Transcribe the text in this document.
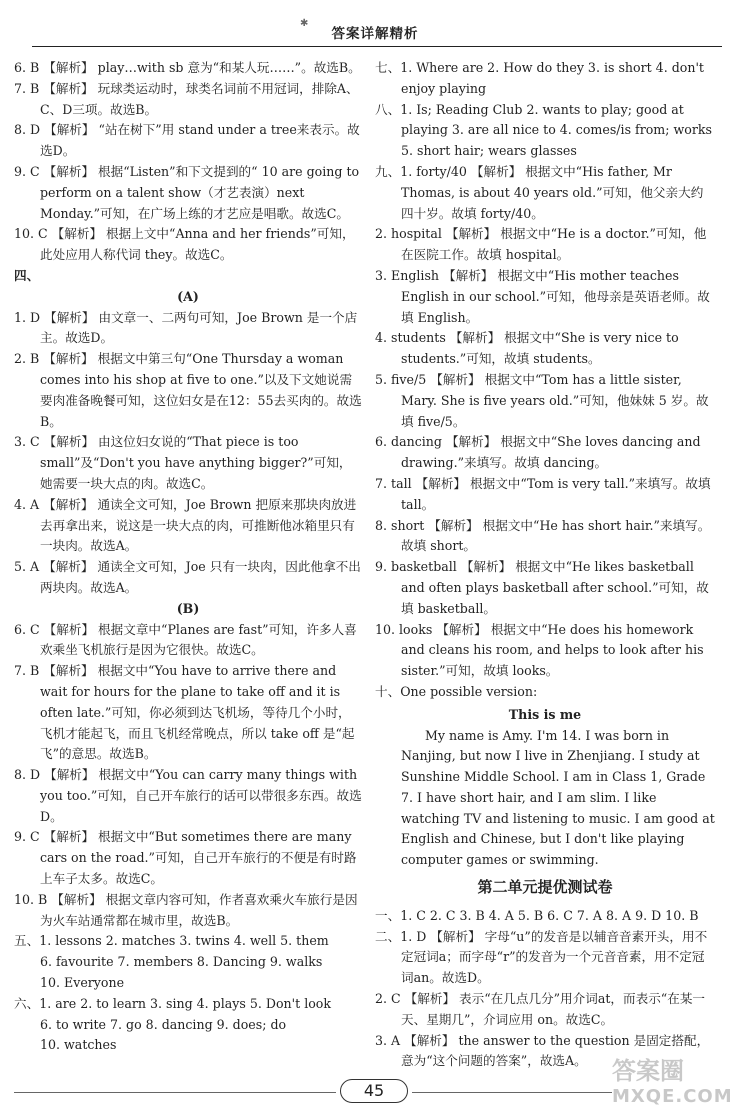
✱
答案详解精析
6. B 【解析】 play…with sb 意为“和某人玩……”。故选B。
7. B 【解析】 玩球类运动时，球类名词前不用冠词，排除A、C、D三项。故选B。
8. D 【解析】 “站在树下”用 stand under a tree来表示。故选D。
9. C 【解析】 根据“Listen”和下文提到的“ 10 are going to perform on a talent show（才艺表演）next Monday.”可知，在广场上练的才艺应是唱歌。故选C。
10. C 【解析】 根据上文中“Anna and her friends”可知，此处应用人称代词 they。故选C。
四、
(A)
1. D 【解析】 由文章一、二两句可知，Joe Brown 是一个店主。故选D。
2. B 【解析】 根据文中第三句“One Thursday a woman comes into his shop at five to one.”以及下文她说需要肉准备晚餐可知，这位妇女是在12：55去买肉的。故选B。
3. C 【解析】 由这位妇女说的“That piece is too small”及“Don't you have anything bigger?”可知，她需要一块大点的肉。故选C。
4. A 【解析】 通读全文可知，Joe Brown 把原来那块肉放进去再拿出来，说这是一块大点的肉，可推断他冰箱里只有一块肉。故选A。
5. A 【解析】 通读全文可知，Joe 只有一块肉，因此他拿不出两块肉。故选A。
(B)
6. C 【解析】 根据文章中“Planes are fast”可知，许多人喜欢乘坐飞机旅行是因为它很快。故选C。
7. B 【解析】 根据文中“You have to arrive there and wait for hours for the plane to take off and it is often late.”可知，你必须到达飞机场，等待几个小时，飞机才能起飞，而且飞机经常晚点，所以 take off 是“起飞”的意思。故选B。
8. D 【解析】 根据文中“You can carry many things with you too.”可知，自己开车旅行的话可以带很多东西。故选D。
9. C 【解析】 根据文中“But sometimes there are many cars on the road.”可知，自己开车旅行的不便是有时路上车子太多。故选C。
10. B 【解析】 根据文章内容可知，作者喜欢乘火车旅行是因为火车站通常都在城市里，故选B。
五、1. lessons 2. matches 3. twins 4. well 5. them
6. favourite 7. members 8. Dancing 9. walks
10. Everyone
六、1. are 2. to learn 3. sing 4. plays 5. Don't look
6. to write 7. go 8. dancing 9. does; do
10. watches
七、1. Where are 2. How do they 3. is short 4. don't enjoy playing
八、1. Is; Reading Club 2. wants to play; good at playing 3. are all nice to 4. comes/is from; works 5. short hair; wears glasses
九、1. forty/40 【解析】 根据文中“His father, Mr Thomas, is about 40 years old.”可知，他父亲大约四十岁。故填 forty/40。
2. hospital 【解析】 根据文中“He is a doctor.”可知，他在医院工作。故填 hospital。
3. English 【解析】 根据文中“His mother teaches English in our school.”可知，他母亲是英语老师。故填 English。
4. students 【解析】 根据文中“She is very nice to students.”可知，故填 students。
5. five/5 【解析】 根据文中“Tom has a little sister, Mary. She is five years old.”可知，他妹妹 5 岁。故填 five/5。
6. dancing 【解析】 根据文中“She loves dancing and drawing.”来填写。故填 dancing。
7. tall 【解析】 根据文中“Tom is very tall.”来填写。故填 tall。
8. short 【解析】 根据文中“He has short hair.”来填写。故填 short。
9. basketball 【解析】 根据文中“He likes basketball and often plays basketball after school.”可知，故填 basketball。
10. looks 【解析】 根据文中“He does his homework and cleans his room, and helps to look after his sister.”可知，故填 looks。
十、One possible version:
This is me
My name is Amy. I'm 14. I was born in Nanjing, but now I live in Zhenjiang. I study at Sunshine Middle School. I am in Class 1, Grade 7. I have short hair, and I am slim. I like watching TV and listening to music. I am good at English and Chinese, but I don't like playing computer games or swimming.
第二单元提优测试卷
一、1. C 2. C 3. B 4. A 5. B 6. C 7. A 8. A 9. D 10. B
二、1. D 【解析】 字母“u”的发音是以辅音音素开头，用不定冠词a；而字母“r”的发音为一个元音音素，用不定冠词an。故选D。
2. C 【解析】 表示“在几点几分”用介词at，而表示“在某一天、星期几”，介词应用 on。故选C。
3. A 【解析】 the answer to the question 是固定搭配，意为“这个问题的答案”，故选A。
45
答案圈
MXQE.COM
